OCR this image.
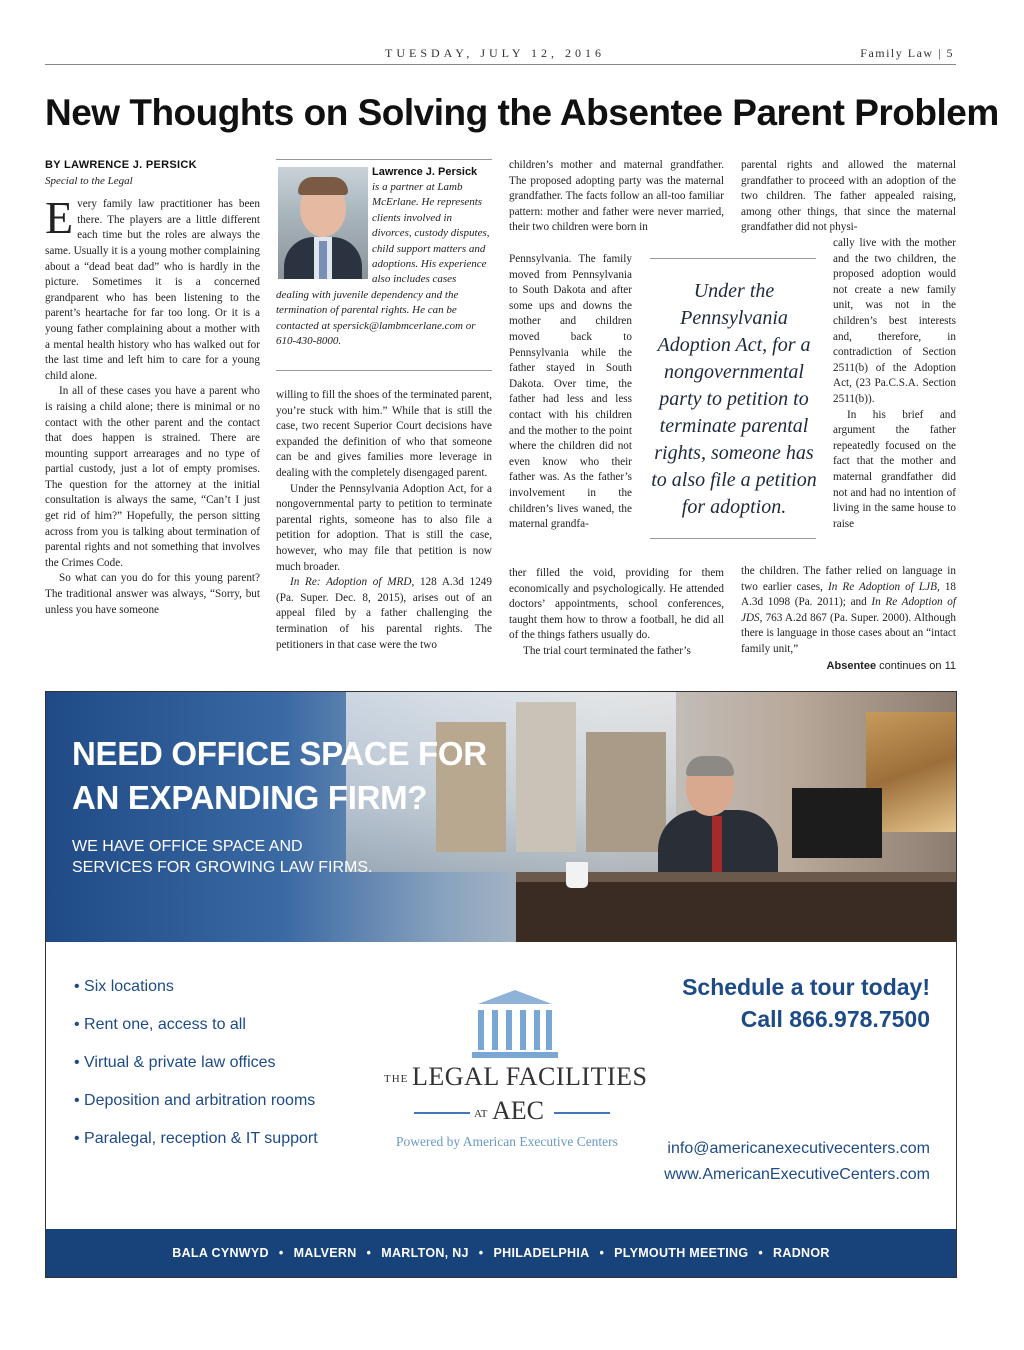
TUESDAY, JULY 12, 2016	Family Law | 5
New Thoughts on Solving the Absentee Parent Problem
BY LAWRENCE J. PERSICK
Special to the Legal

Every family law practitioner has been there. The players are a little different each time but the roles are always the same. Usually it is a young mother complaining about a “dead beat dad” who is hardly in the picture. Sometimes it is a concerned grandparent who has been listening to the parent’s heartache for far too long. Or it is a young father complaining about a mother with a mental health history who has walked out for the last time and left him to care for a young child alone.

In all of these cases you have a parent who is raising a child alone; there is minimal or no contact with the other parent and the contact that does happen is strained. There are mounting support arrearages and no type of partial custody, just a lot of empty promises. The question for the attorney at the initial consultation is always the same, “Can’t I just get rid of him?” Hopefully, the person sitting across from you is talking about termination of parental rights and not something that involves the Crimes Code.

So what can you do for this young parent? The traditional answer was always, “Sorry, but unless you have someone

Lawrence J. Persick
is a partner at Lamb McErlane. He represents clients involved in divorces, custody disputes, child support matters and adoptions. His experience also includes cases dealing with juvenile dependency and the termination of parental rights. He can be contacted at spersick@lambmcerlane.com or 610-430-8000.

willing to fill the shoes of the terminated parent, you’re stuck with him.” While that is still the case, two recent Superior Court decisions have expanded the definition of who that someone can be and gives families more leverage in dealing with the completely disengaged parent.

Under the Pennsylvania Adoption Act, for a nongovernmental party to petition to terminate parental rights, someone has to also file a petition for adoption. That is still the case, however, who may file that petition is now much broader.

In Re: Adoption of MRD, 128 A.3d 1249 (Pa. Super. Dec. 8, 2015), arises out of an appeal filed by a father challenging the termination of his parental rights. The petitioners in that case were the two

children’s mother and maternal grandfather. The proposed adopting party was the maternal grandfather. The facts follow an all-too familiar pattern: mother and father were never married, their two children were born in

Pennsylvania. The family moved from Pennsylvania to South Dakota and after some ups and downs the mother and children moved back to Pennsylvania while the father stayed in South Dakota. Over time, the father had less and less contact with his children and the mother to the point where the children did not even know who their father was. As the father’s involvement in the children’s lives waned, the maternal grandfa-

ther filled the void, providing for them economically and psychologically. He attended doctors’ appointments, school conferences, taught them how to throw a football, he did all of the things fathers usually do.

The trial court terminated the father’s

Under the Pennsylvania Adoption Act, for a nongovernmental party to petition to terminate parental rights, someone has to also file a petition for adoption.

parental rights and allowed the maternal grandfather to proceed with an adoption of the two children. The father appealed raising, among other things, that since the maternal grandfather did not physi-

cally live with the mother and the two children, the proposed adoption would not create a new family unit, was not in the children’s best interests and, therefore, in contradiction of Section 2511(b) of the Adoption Act, (23 Pa.C.S.A. Section 2511(b)).

In his brief and argument the father repeatedly focused on the fact that the mother and maternal grandfather did not and had no intention of living in the same house to raise

the children. The father relied on language in two earlier cases, In Re Adoption of LJB, 18 A.3d 1098 (Pa. 2011); and In Re Adoption of JDS, 763 A.2d 867 (Pa. Super. 2000). Although there is language in those cases about an “intact family unit,”

Absentee continues on 11
NEED OFFICE SPACE FOR
AN EXPANDING FIRM?
WE HAVE OFFICE SPACE AND
SERVICES FOR GROWING LAW FIRMS.
• Six locations
• Rent one, access to all
• Virtual & private law offices
• Deposition and arbitration rooms
• Paralegal, reception & IT support
THE LEGAL FACILITIES
AT AEC
Powered by American Executive Centers
Schedule a tour today!
Call 866.978.7500
info@americanexecutivecenters.com
www.AmericanExecutiveCenters.com
BALA CYNWYD • MALVERN • MARLTON, NJ • PHILADELPHIA • PLYMOUTH MEETING • RADNOR
